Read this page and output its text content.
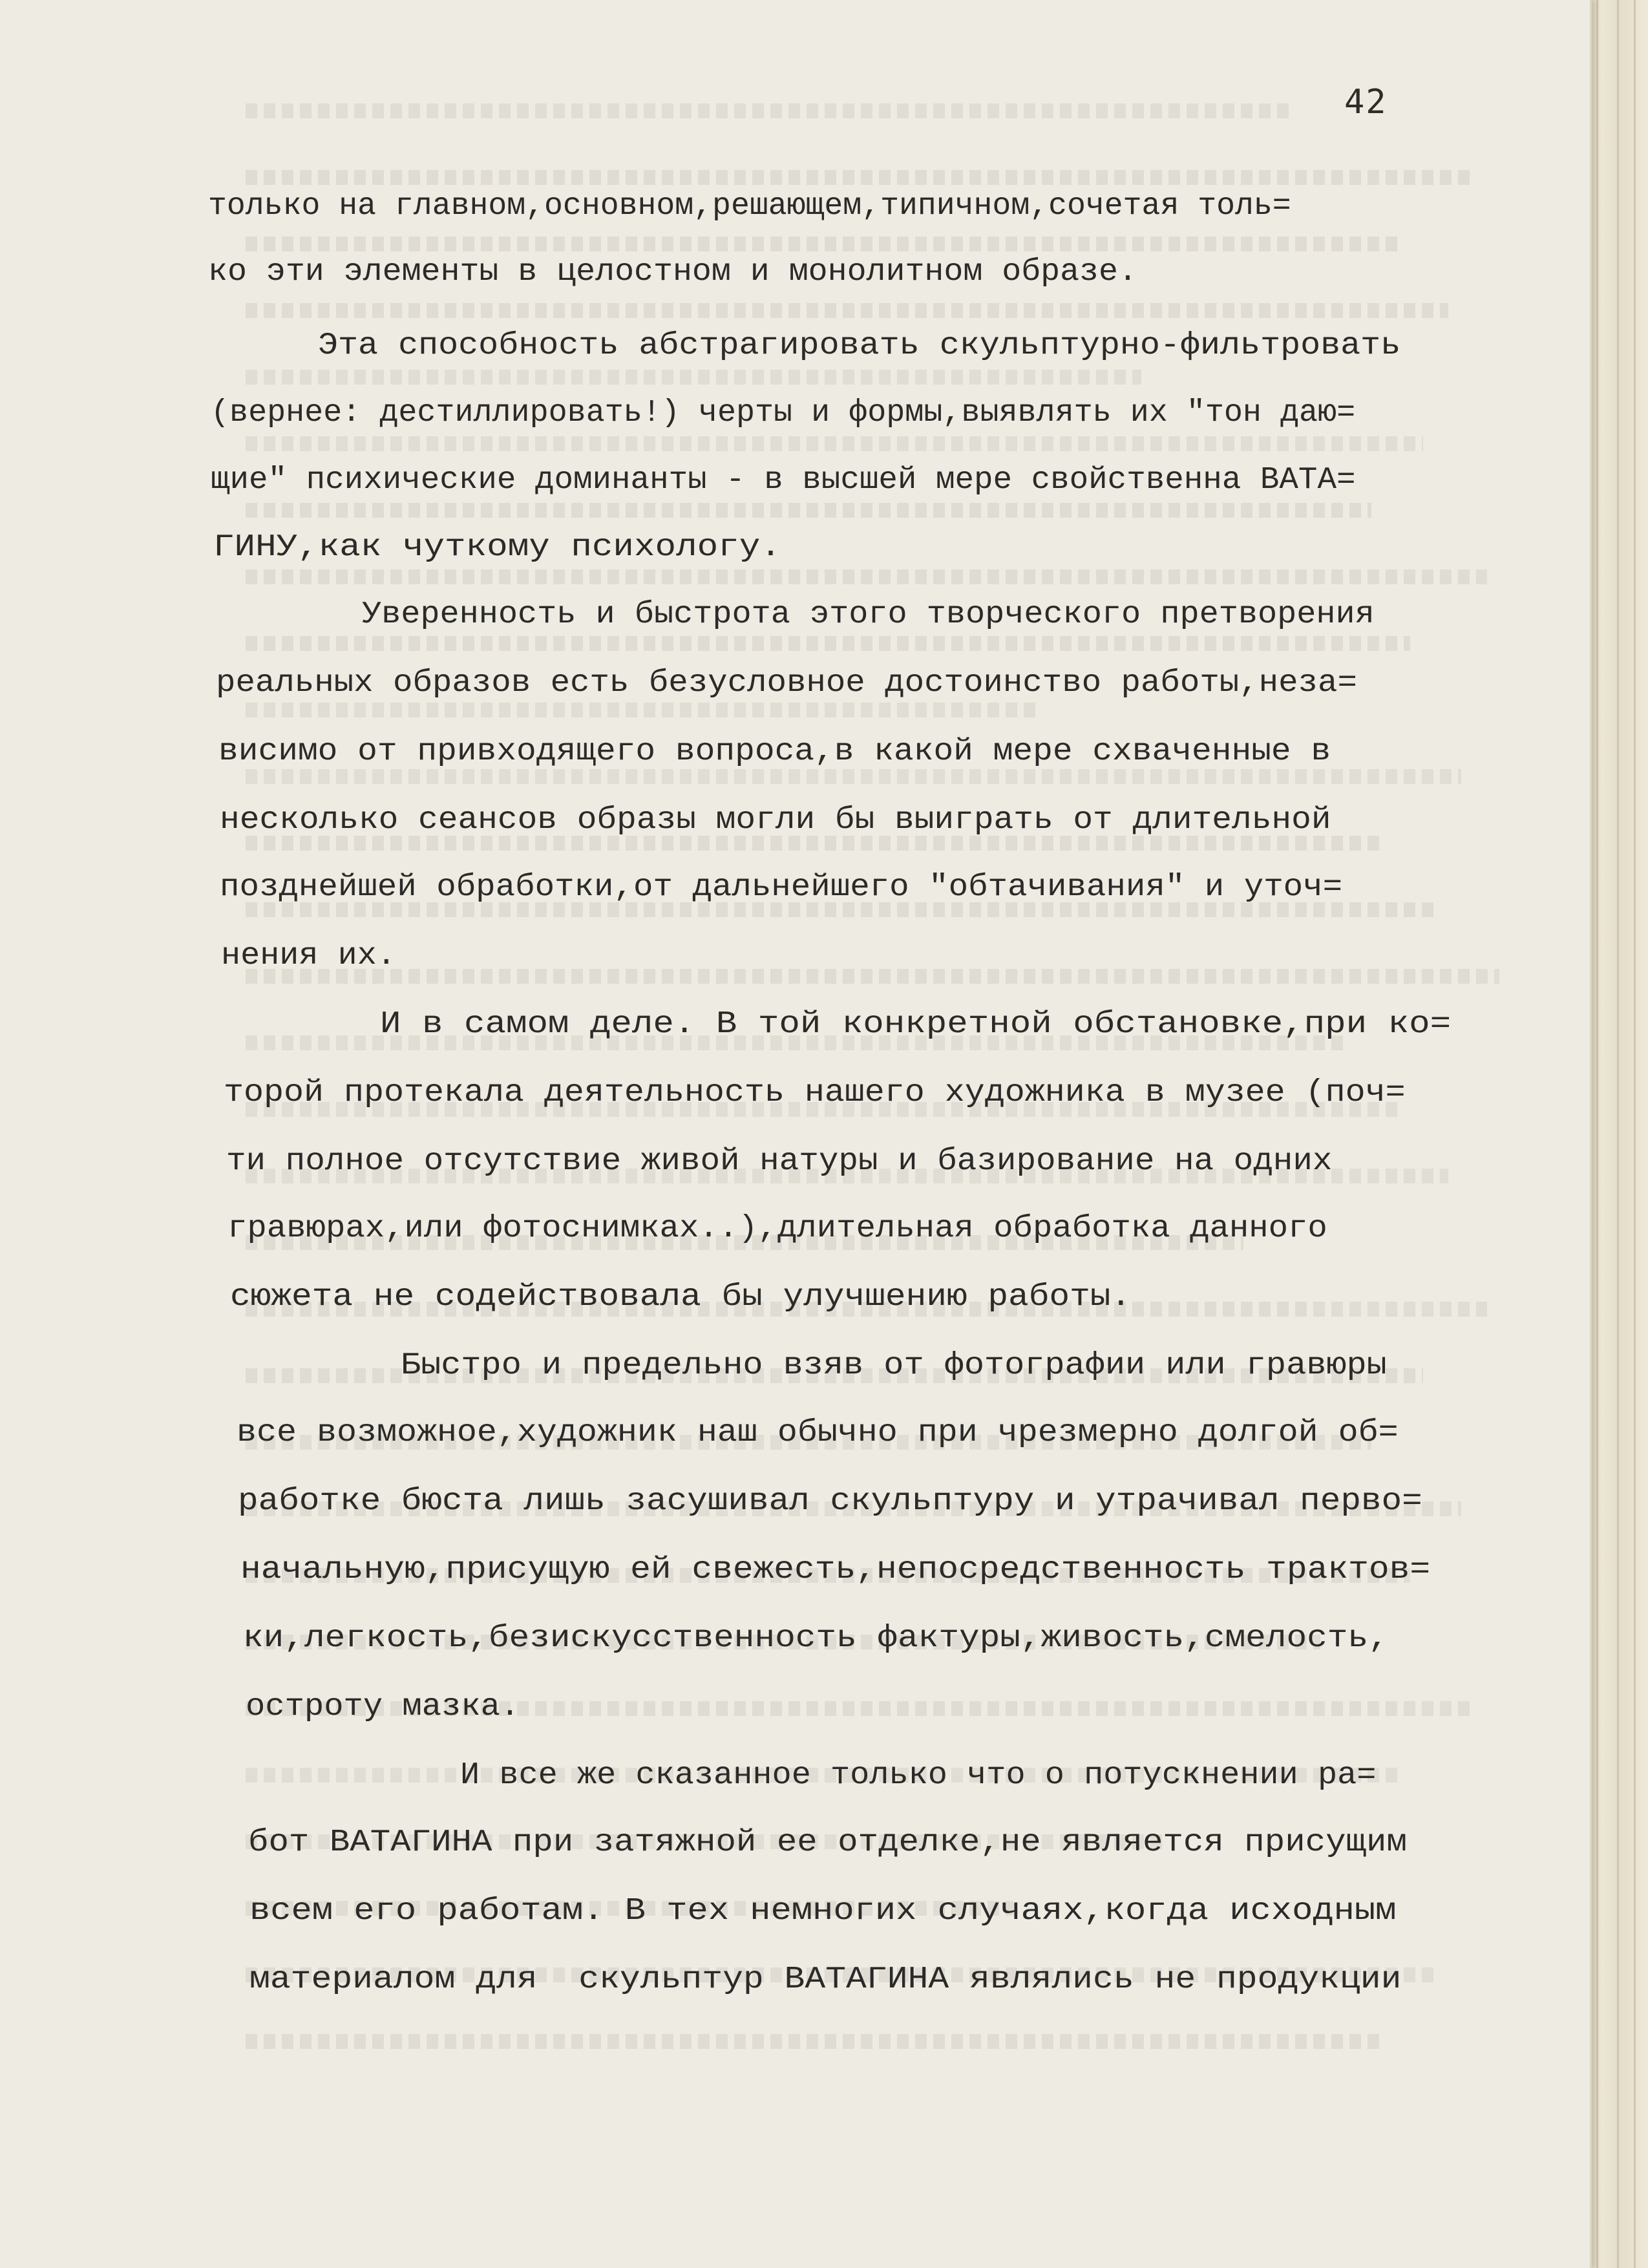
42
только на главном,основном,решающем,типичном,сочетая толь=
ко эти элементы в целостном и монолитном образе.
Эта способность абстрагировать скульптурно-фильтровать
(вернее: дестиллировать!) черты и формы,выявлять их "тон даю=
щие" психические доминанты - в высшей мере свойственна ВАТА=
ГИНУ,как чуткому психологу.
Уверенность и быстрота этого творческого претворения
реальных образов есть безусловное достоинство работы,неза=
висимо от привходящего вопроса,в какой мере схваченные в
несколько сеансов образы могли бы выиграть от длительной
позднейшей обработки,от дальнейшего "обтачивания" и уточ=
нения их.
И в самом деле. В той конкретной обстановке,при ко=
торой протекала деятельность нашего художника в музее (поч=
ти полное отсутствие живой натуры и базирование на одних
гравюрах,или фотоснимках..),длительная обработка данного
сюжета не содействовала бы улучшению работы.
Быстро и предельно взяв от фотографии или гравюры
все возможное,художник наш обычно при чрезмерно долгой об=
работке бюста лишь засушивал скульптуру и утрачивал перво=
начальную,присущую ей свежесть,непосредственность трактов=
ки,легкость,безискусственность фактуры,живость,смелость,
остроту мазка.
И все же сказанное только что о потускнении ра=
бот ВАТАГИНА при затяжной ее отделке,не является присущим
всем его работам. В тех немногих случаях,когда исходным
материалом для  скульптур ВАТАГИНА являлись не продукции
